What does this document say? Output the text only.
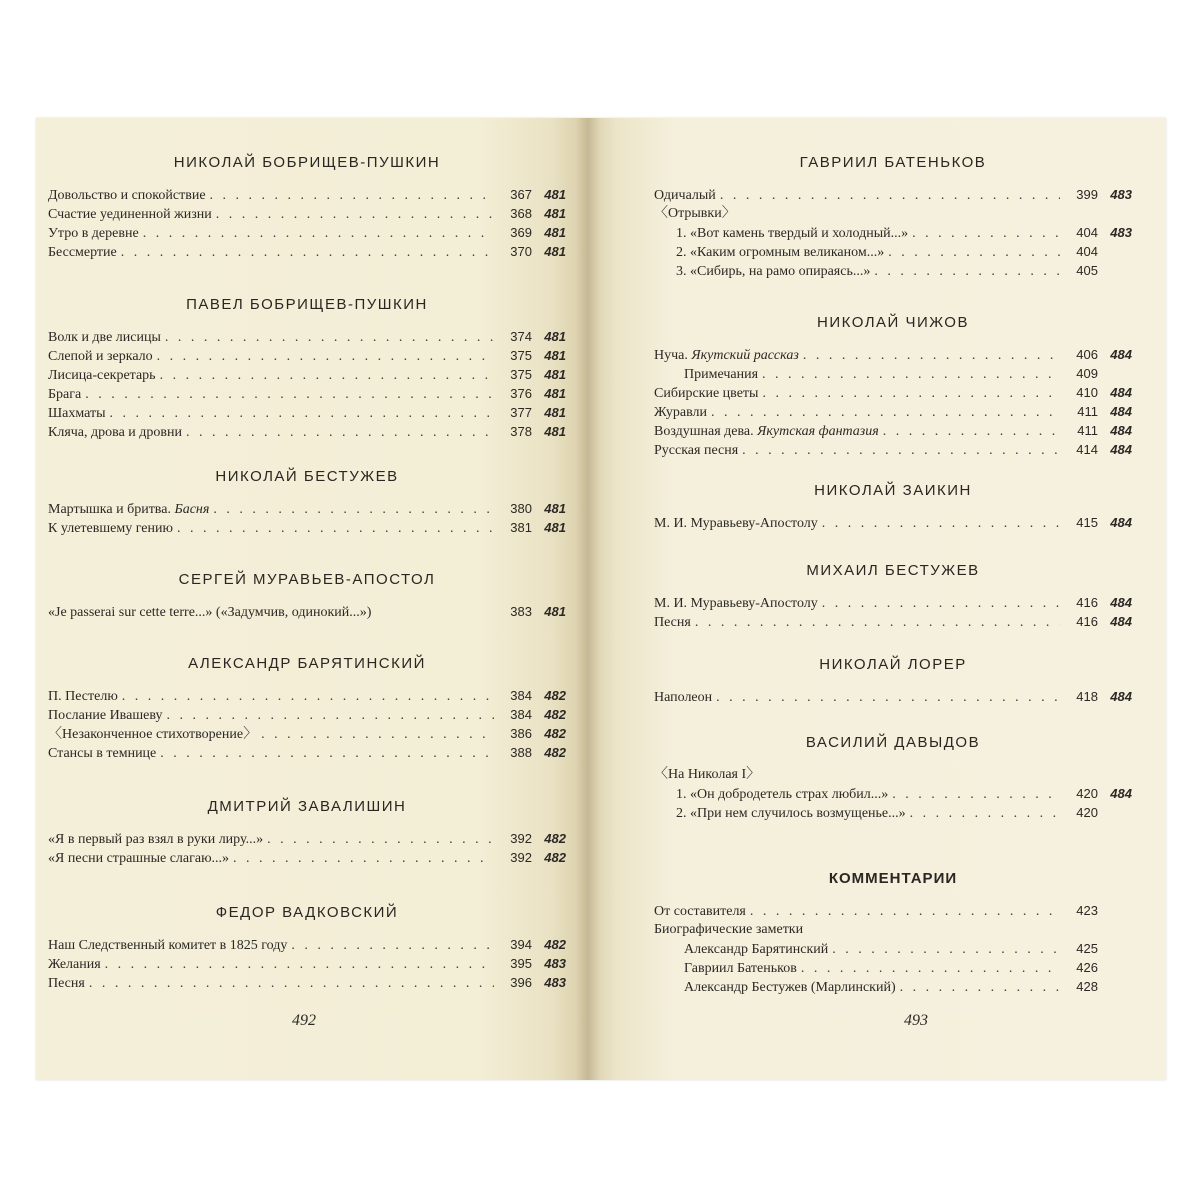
НИКОЛАЙ БОБРИЩЕВ-ПУШКИН
Довольство и спокойствие . . .	367 481
Счастие уединенной жизни . . .	368 481
Утро в деревне . . .	369 481
Бессмертие . . .	370 481
ПАВЕЛ БОБРИЩЕВ-ПУШКИН
Волк и две лисицы . . .	374 481
Слепой и зеркало . . .	375 481
Лисица-секретарь . . .	375 481
Брага . . .	376 481
Шахматы . . .	377 481
Кляча, дрова и дровни . . .	378 481
НИКОЛАЙ БЕСТУЖЕВ
Мартышка и бритва. Басня . . .	380 481
К улетевшему гению . . .	381 481
СЕРГЕЙ МУРАВЬЕВ-АПОСТОЛ
«Je passerai sur cette terre...» («Задумчив, одинокий...»)	383 481
АЛЕКСАНДР БАРЯТИНСКИЙ
П. Пестелю . . .	384 482
Послание Ивашеву . . .	384 482
〈Незаконченное стихотворение〉 . . .	386 482
Стансы в темнице . . .	388 482
ДМИТРИЙ ЗАВАЛИШИН
«Я в первый раз взял в руки лиру...» . . .	392 482
«Я песни страшные слагаю...» . . .	392 482
ФЕДОР ВАДКОВСКИЙ
Наш Следственный комитет в 1825 году . . .	394 482
Желания . . .	395 483
Песня . . .	396 483
492
ГАВРИИЛ БАТЕНЬКОВ
Одичалый . . .	399 483
〈Отрывки〉
1. «Вот камень твердый и холодный...» . . .	404 483
2. «Каким огромным великаном...» . . .	404
3. «Сибирь, на рамо опираясь...» . . .	405
НИКОЛАЙ ЧИЖОВ
Нуча. Якутский рассказ . . .	406 484
Примечания . . .	409
Сибирские цветы . . .	410 484
Журавли . . .	411 484
Воздушная дева. Якутская фантазия . . .	411 484
Русская песня . . .	414 484
НИКОЛАЙ ЗАИКИН
М. И. Муравьеву-Апостолу . . .	415 484
МИХАИЛ БЕСТУЖЕВ
М. И. Муравьеву-Апостолу . . .	416 484
Песня . . .	416 484
НИКОЛАЙ ЛОРЕР
Наполеон . . .	418 484
ВАСИЛИЙ ДАВЫДОВ
〈На Николая I〉
1. «Он добродетель страх любил...» . . .	420 484
2. «При нем случилось возмущенье...» . . .	420
КОММЕНТАРИИ
От составителя . . .	423
Биографические заметки
Александр Барятинский . . .	425
Гавриил Батеньков . . .	426
Александр Бестужев (Марлинский) . . .	428
493
